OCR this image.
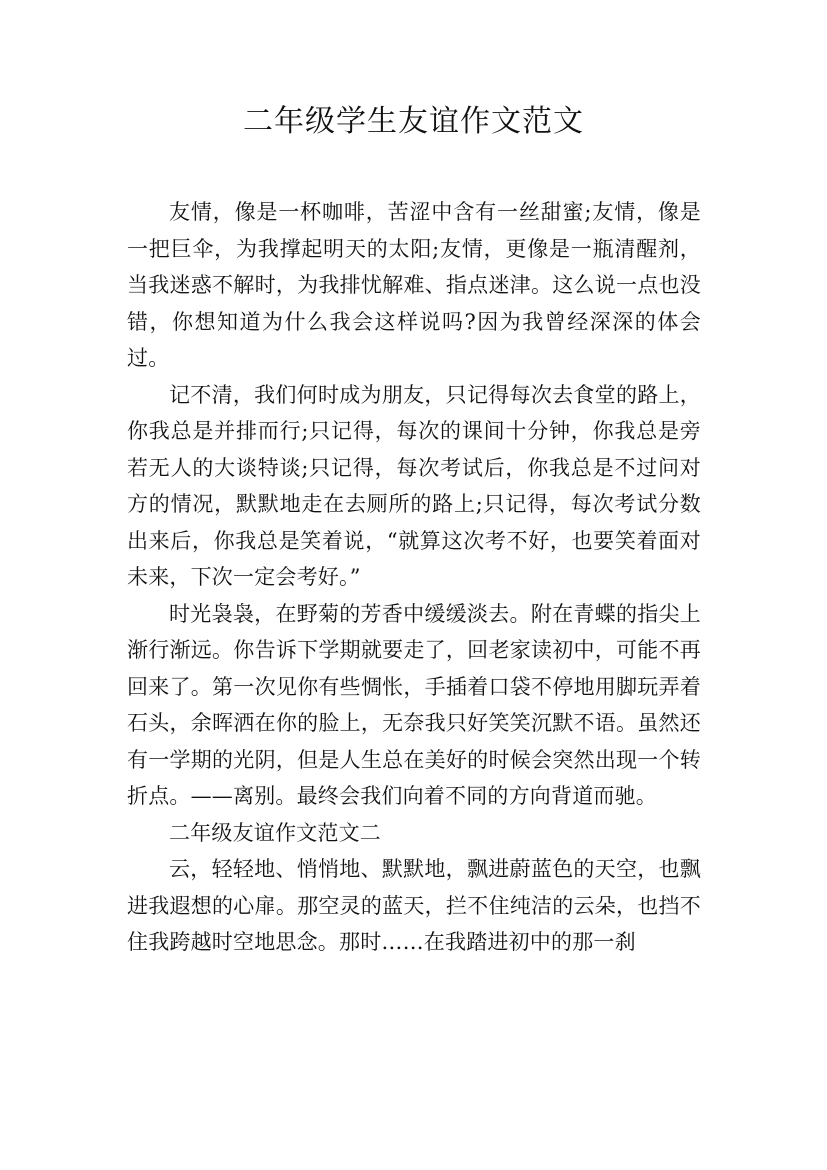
二年级学生友谊作文范文

友情，像是一杯咖啡，苦涩中含有一丝甜蜜;友情，像是一把巨伞，为我撑起明天的太阳;友情，更像是一瓶清醒剂，当我迷惑不解时，为我排忧解难、指点迷津。这么说一点也没错，你想知道为什么我会这样说吗?因为我曾经深深的体会过。

记不清，我们何时成为朋友，只记得每次去食堂的路上，你我总是并排而行;只记得，每次的课间十分钟，你我总是旁若无人的大谈特谈;只记得，每次考试后，你我总是不过问对方的情况，默默地走在去厕所的路上;只记得，每次考试分数出来后，你我总是笑着说，“就算这次考不好，也要笑着面对未来，下次一定会考好。”

时光袅袅，在野菊的芳香中缓缓淡去。附在青蝶的指尖上渐行渐远。你告诉下学期就要走了，回老家读初中，可能不再回来了。第一次见你有些惆怅，手插着口袋不停地用脚玩弄着石头，余晖洒在你的脸上，无奈我只好笑笑沉默不语。虽然还有一学期的光阴，但是人生总在美好的时候会突然出现一个转折点。——离别。最终会我们向着不同的方向背道而驰。

二年级友谊作文范文二

云，轻轻地、悄悄地、默默地，飘进蔚蓝色的天空，也飘进我遐想的心扉。那空灵的蓝天，拦不住纯洁的云朵，也挡不住我跨越时空地思念。那时……在我踏进初中的那一刹
